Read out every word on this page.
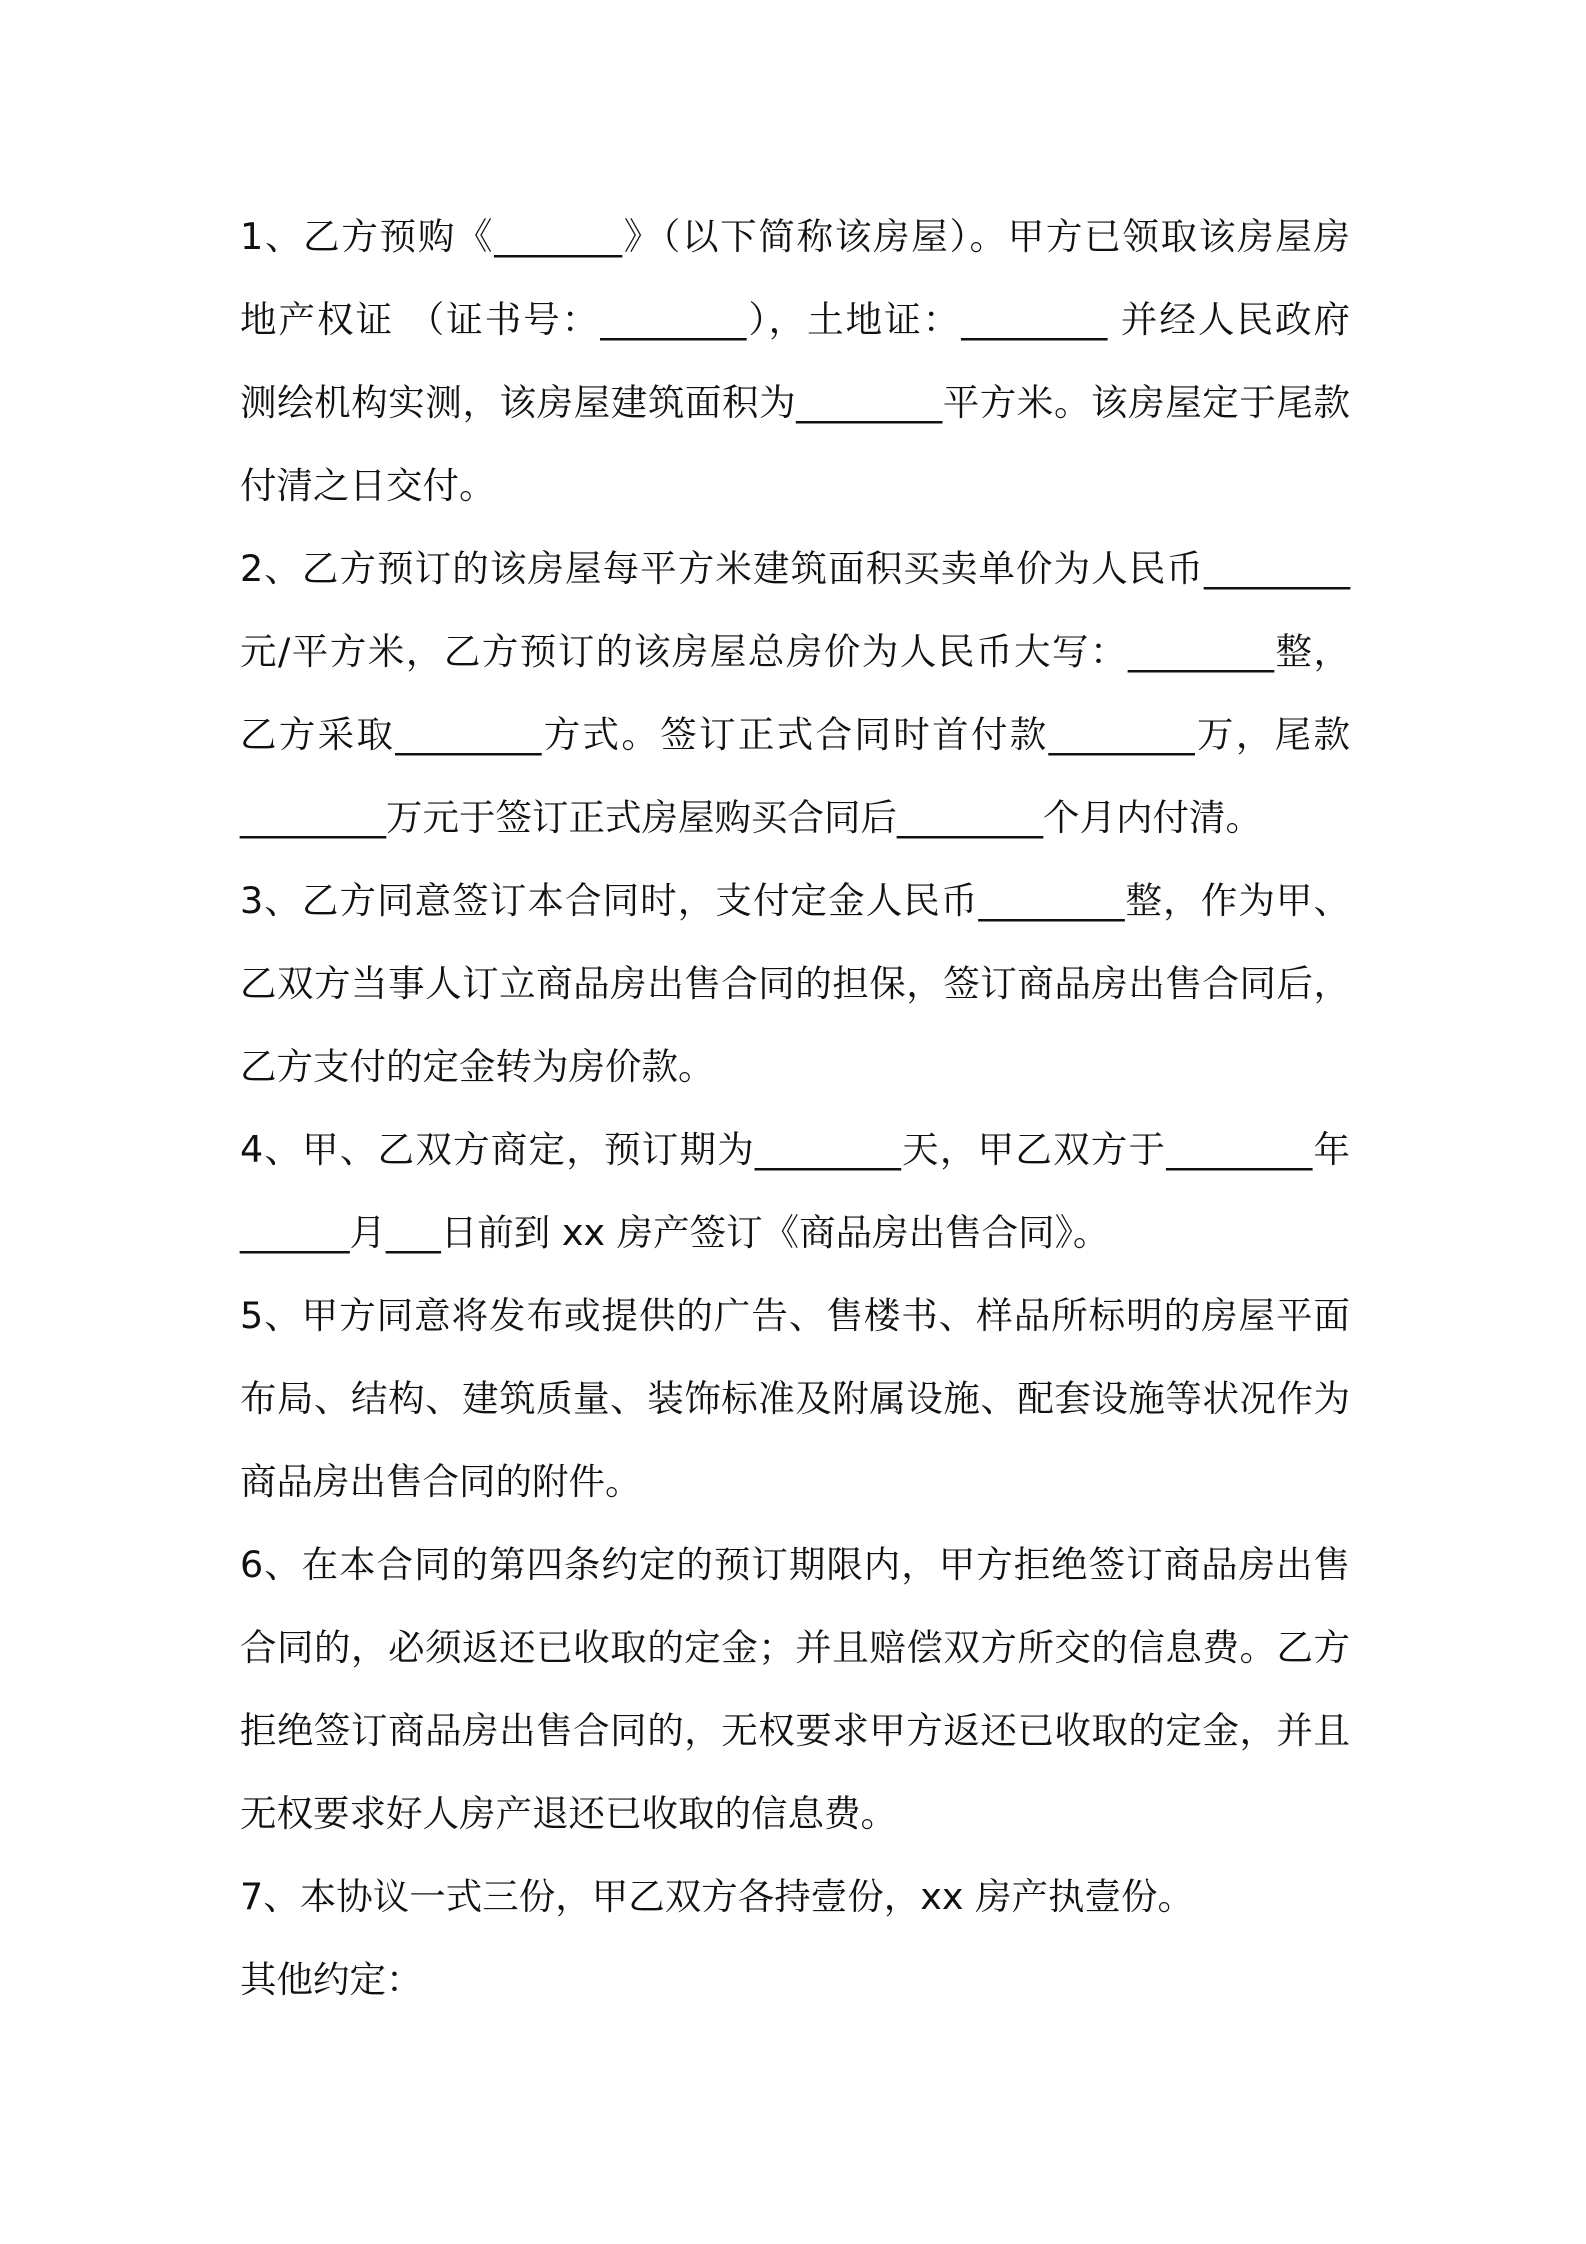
1、乙方预购《_______》（以下简称该房屋）。甲方已领取该房屋房
地产权证 （证书号：________），土地证：________ 并经人民政府
测绘机构实测，该房屋建筑面积为________平方米。该房屋定于尾款
付清之日交付。
2、乙方预订的该房屋每平方米建筑面积买卖单价为人民币________
元/平方米，乙方预订的该房屋总房价为人民币大写：________整，
乙方采取________方式。签订正式合同时首付款________万，尾款
________万元于签订正式房屋购买合同后________个月内付清。
3、乙方同意签订本合同时，支付定金人民币________整，作为甲、
乙双方当事人订立商品房出售合同的担保，签订商品房出售合同后，
乙方支付的定金转为房价款。
4、甲、乙双方商定，预订期为________天，甲乙双方于________年
______月___日前到 xx 房产签订《商品房出售合同》。
5、甲方同意将发布或提供的广告、售楼书、样品所标明的房屋平面
布局、结构、建筑质量、装饰标准及附属设施、配套设施等状况作为
商品房出售合同的附件。
6、在本合同的第四条约定的预订期限内，甲方拒绝签订商品房出售
合同的，必须返还已收取的定金；并且赔偿双方所交的信息费。乙方
拒绝签订商品房出售合同的，无权要求甲方返还已收取的定金，并且
无权要求好人房产退还已收取的信息费。
7、本协议一式三份，甲乙双方各持壹份，xx 房产执壹份。
其他约定：
